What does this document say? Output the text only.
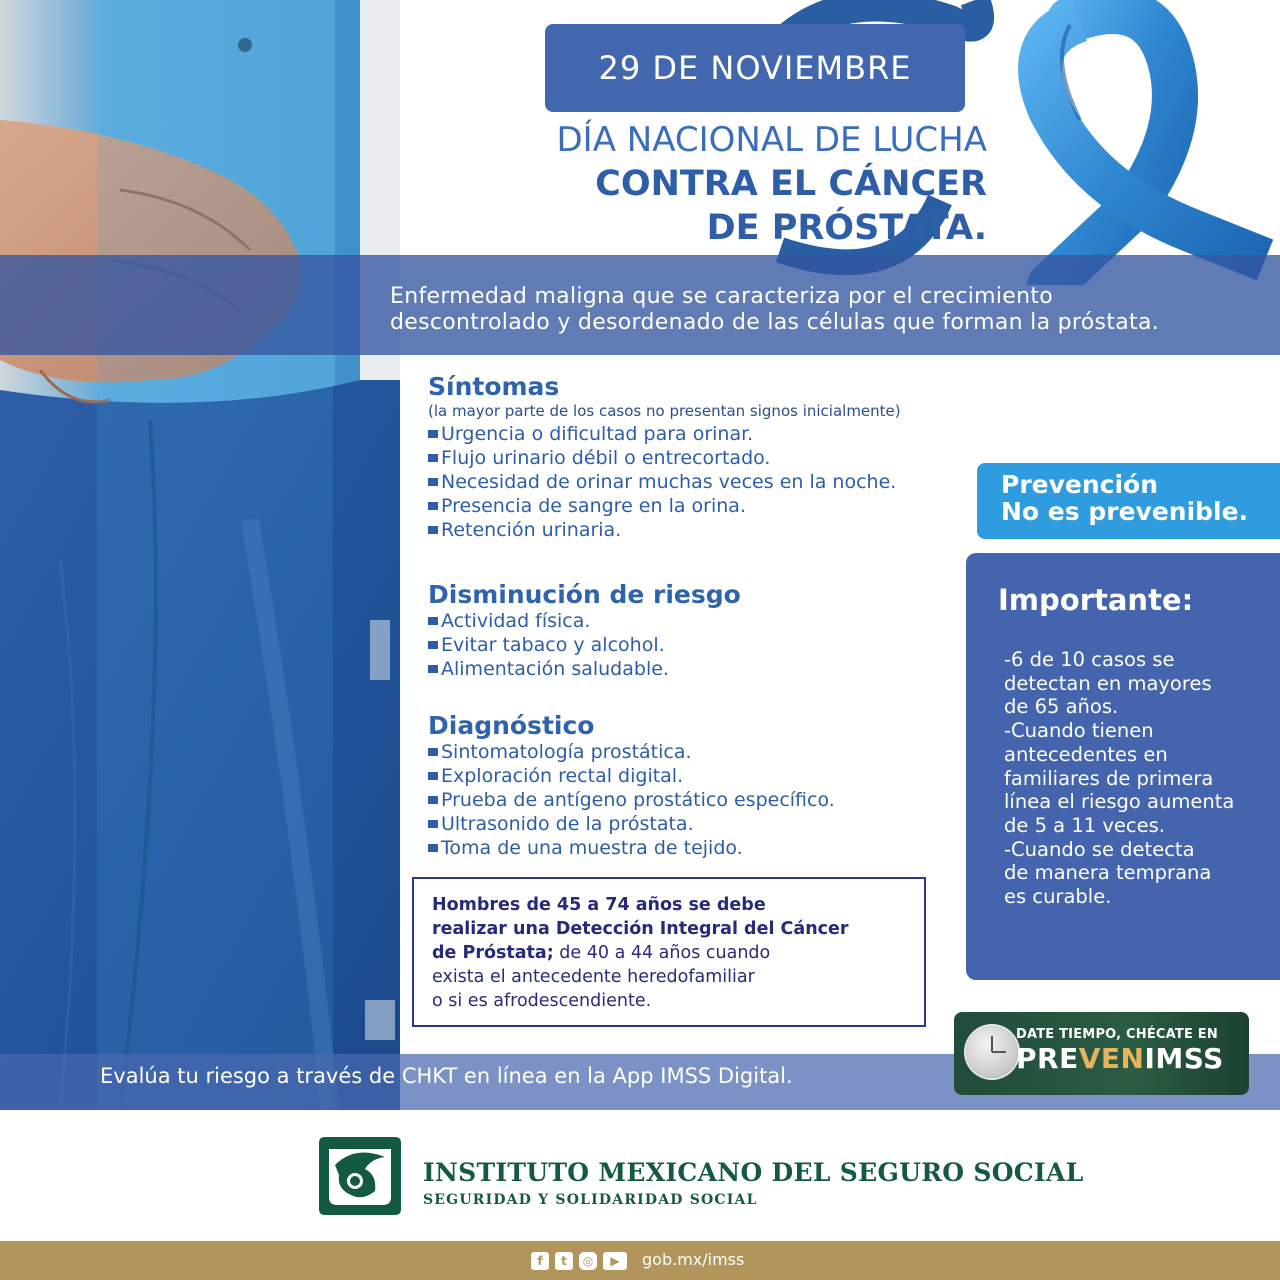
29 DE NOVIEMBRE
DÍA NACIONAL DE LUCHA
CONTRA EL CÁNCER
DE PRÓSTATA.
Enfermedad maligna que se caracteriza por el crecimiento
descontrolado y desordenado de las células que forman la próstata.
Síntomas
(la mayor parte de los casos no presentan signos inicialmente)
Urgencia o dificultad para orinar.
Flujo urinario débil o entrecortado.
Necesidad de orinar muchas veces en la noche.
Presencia de sangre en la orina.
Retención urinaria.
Disminución de riesgo
Actividad física.
Evitar tabaco y alcohol.
Alimentación saludable.
Diagnóstico
Sintomatología prostática.
Exploración rectal digital.
Prueba de antígeno prostático específico.
Ultrasonido de la próstata.
Toma de una muestra de tejido.
Hombres de 45 a 74 años se debe
realizar una Detección Integral del Cáncer
de Próstata; de 40 a 44 años cuando
exista el antecedente heredofamiliar
o si es afrodescendiente.
Prevención
No es prevenible.
Importante:
-6 de 10 casos se
detectan en mayores
de 65 años.
-Cuando tienen
antecedentes en
familiares de primera
línea el riesgo aumenta
de 5 a 11 veces.
-Cuando se detecta
de manera temprana
es curable.
Evalúa tu riesgo a través de CHKT en línea en la App IMSS Digital.
DATE TIEMPO, CHÉCATE EN
PREVENIMSS
INSTITUTO MEXICANO DEL SEGURO SOCIAL
SEGURIDAD Y SOLIDARIDAD SOCIAL
f	t	◎	▶	gob.mx/imss
